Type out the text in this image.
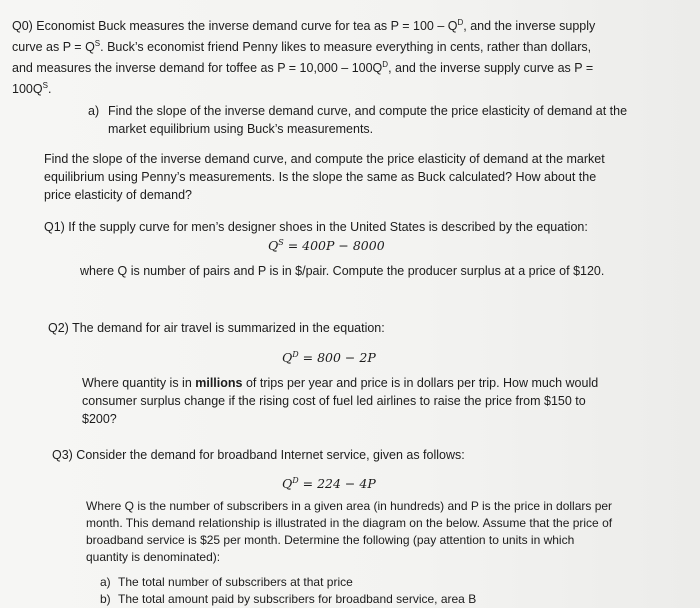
Q0) Economist Buck measures the inverse demand curve for tea as $P = 100 - Q^D$, and the inverse supply
curve as $P = Q^S$. Buck’s economist friend Penny likes to measure everything in cents, rather than dollars,
and measures the inverse demand for toffee as $P = 10,000 - 100Q^D$, and the inverse supply curve as P =
$100Q^S$.

a) Find the slope of the inverse demand curve, and compute the price elasticity of demand at the market equilibrium using Buck’s measurements.

Find the slope of the inverse demand curve, and compute the price elasticity of demand at the market equilibrium using Penny’s measurements. Is the slope the same as Buck calculated? How about the price elasticity of demand?

Q1) If the supply curve for men’s designer shoes in the United States is described by the equation:

$Q^S = 400P - 8000$

where Q is number of pairs and P is in $/pair. Compute the producer surplus at a price of $120.

Q2) The demand for air travel is summarized in the equation:

$Q^D = 800 - 2P$

Where quantity is in millions of trips per year and price is in dollars per trip. How much would consumer surplus change if the rising cost of fuel led airlines to raise the price from $150 to $200?

Q3) Consider the demand for broadband Internet service, given as follows:

$Q^D = 224 - 4P$

Where Q is the number of subscribers in a given area (in hundreds) and P is the price in dollars per month. This demand relationship is illustrated in the diagram on the below. Assume that the price of broadband service is $25 per month. Determine the following (pay attention to units in which quantity is denominated):

a) The total number of subscribers at that price
b) The total amount paid by subscribers for broadband service, area B
